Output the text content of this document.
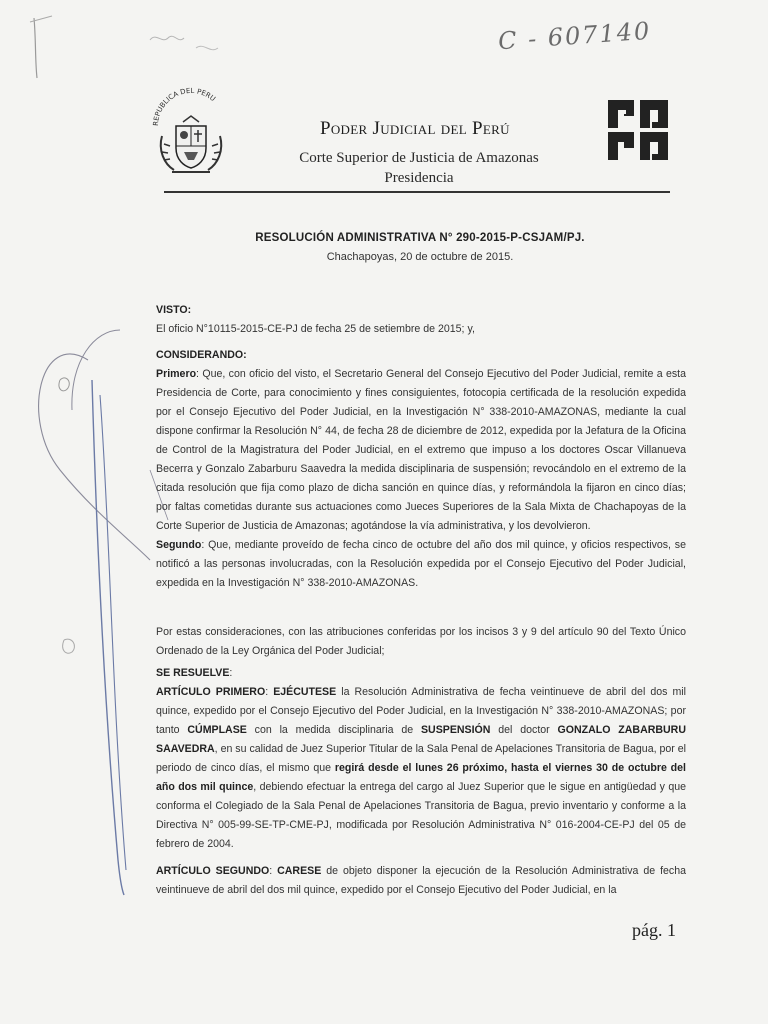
C - 607140
REPUBLICA DEL PERU
Poder Judicial del Perú
Corte Superior de Justicia de Amazonas
Presidencia
RESOLUCIÓN ADMINISTRATIVA N° 290-2015-P-CSJAM/PJ.
Chachapoyas, 20 de octubre de 2015.
VISTO:
El oficio N°10115-2015-CE-PJ de fecha 25 de setiembre de 2015; y,
CONSIDERANDO:
Primero: Que, con oficio del visto, el Secretario General del Consejo Ejecutivo del Poder Judicial, remite a esta Presidencia de Corte, para conocimiento y fines consiguientes, fotocopia certificada de la resolución expedida por el Consejo Ejecutivo del Poder Judicial, en la Investigación N° 338-2010-AMAZONAS, mediante la cual dispone confirmar la Resolución N° 44, de fecha 28 de diciembre de 2012, expedida por la Jefatura de la Oficina de Control de la Magistratura del Poder Judicial, en el extremo que impuso a los doctores Oscar Villanueva Becerra y Gonzalo Zabarburu Saavedra la medida disciplinaria de suspensión; revocándolo en el extremo de la citada resolución que fija como plazo de dicha sanción en quince días, y reformándola la fijaron en cinco días; por faltas cometidas durante sus actuaciones como Jueces Superiores de la Sala Mixta de Chachapoyas de la Corte Superior de Justicia de Amazonas; agotándose la vía administrativa, y los devolvieron.
Segundo: Que, mediante proveído de fecha cinco de octubre del año dos mil quince, y oficios respectivos, se notificó a las personas involucradas, con la Resolución expedida por el Consejo Ejecutivo del Poder Judicial, expedida en la Investigación N° 338-2010-AMAZONAS.
Por estas consideraciones, con las atribuciones conferidas por los incisos 3 y 9 del artículo 90 del Texto Único Ordenado de la Ley Orgánica del Poder Judicial;
SE RESUELVE:
ARTÍCULO PRIMERO: EJÉCUTESE la Resolución Administrativa de fecha veintinueve de abril del dos mil quince, expedido por el Consejo Ejecutivo del Poder Judicial, en la Investigación N° 338-2010-AMAZONAS; por tanto CÚMPLASE con la medida disciplinaria de SUSPENSIÓN del doctor GONZALO ZABARBURU SAAVEDRA, en su calidad de Juez Superior Titular de la Sala Penal de Apelaciones Transitoria de Bagua, por el periodo de cinco días, el mismo que regirá desde el lunes 26 próximo, hasta el viernes 30 de octubre del año dos mil quince, debiendo efectuar la entrega del cargo al Juez Superior que le sigue en antigüedad y que conforma el Colegiado de la Sala Penal de Apelaciones Transitoria de Bagua, previo inventario y conforme a la Directiva N° 005-99-SE-TP-CME-PJ, modificada por Resolución Administrativa N° 016-2004-CE-PJ del 05 de febrero de 2004.
ARTÍCULO SEGUNDO: CARESE de objeto disponer la ejecución de la Resolución Administrativa de fecha veintinueve de abril del dos mil quince, expedido por el Consejo Ejecutivo del Poder Judicial, en la
pág. 1
